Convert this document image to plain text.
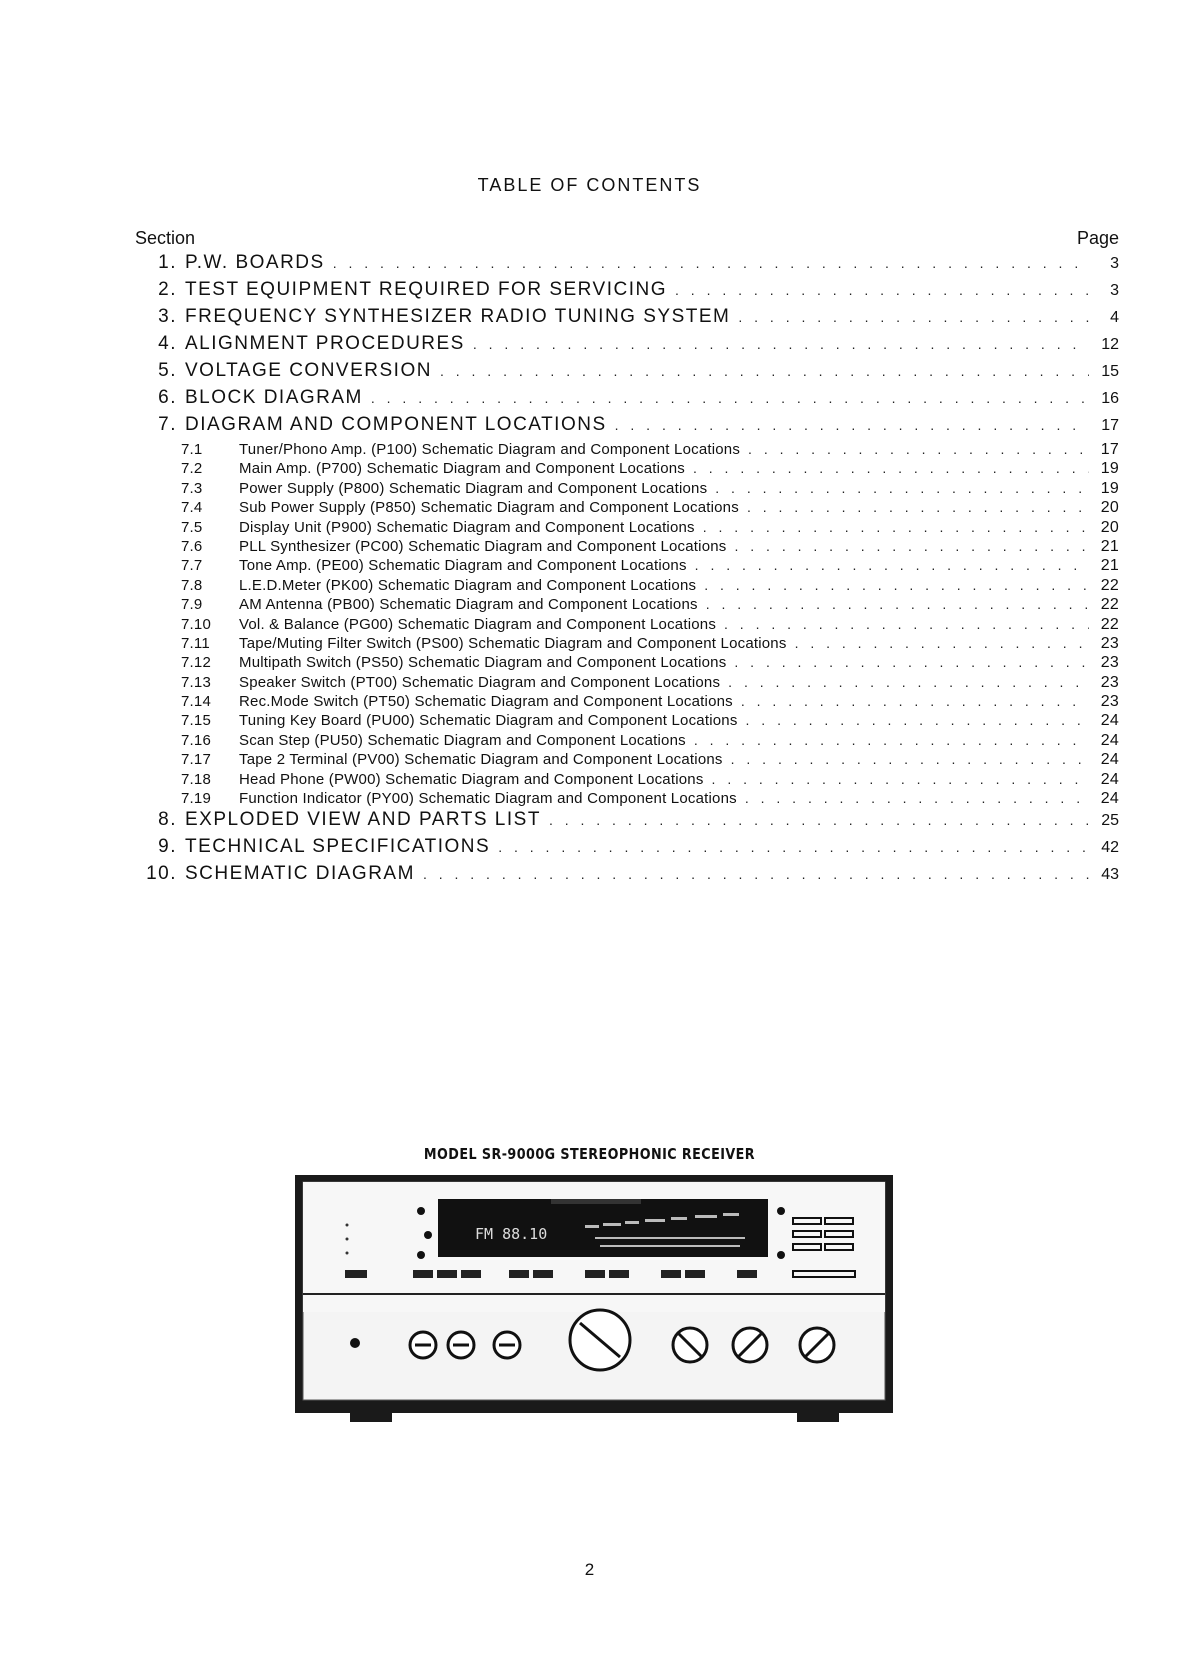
TABLE OF CONTENTS
Section	Page
1. P.W. BOARDS . . .	3
2. TEST EQUIPMENT REQUIRED FOR SERVICING . . .	3
3. FREQUENCY SYNTHESIZER RADIO TUNING SYSTEM . . .	4
4. ALIGNMENT PROCEDURES . . .	12
5. VOLTAGE CONVERSION . . .	15
6. BLOCK DIAGRAM . . .	16
7. DIAGRAM AND COMPONENT LOCATIONS . . .	17
7.1	Tuner/Phono Amp. (P100) Schematic Diagram and Component Locations . . .	17
7.2	Main Amp. (P700) Schematic Diagram and Component Locations . . .	19
7.3	Power Supply (P800) Schematic Diagram and Component Locations . . .	19
7.4	Sub Power Supply (P850) Schematic Diagram and Component Locations . . .	20
7.5	Display Unit (P900) Schematic Diagram and Component Locations . . .	20
7.6	PLL Synthesizer (PC00) Schematic Diagram and Component Locations . . .	21
7.7	Tone Amp. (PE00) Schematic Diagram and Component Locations . . .	21
7.8	L.E.D.Meter (PK00) Schematic Diagram and Component Locations . . .	22
7.9	AM Antenna (PB00) Schematic Diagram and Component Locations . . .	22
7.10	Vol. & Balance (PG00) Schematic Diagram and Component Locations . . .	22
7.11	Tape/Muting Filter Switch (PS00) Schematic Diagram and Component Locations . . .	23
7.12	Multipath Switch (PS50) Schematic Diagram and Component Locations . . .	23
7.13	Speaker Switch (PT00) Schematic Diagram and Component Locations . . .	23
7.14	Rec.Mode Switch (PT50) Schematic Diagram and Component Locations . . .	23
7.15	Tuning Key Board (PU00) Schematic Diagram and Component Locations . . .	24
7.16	Scan Step (PU50) Schematic Diagram and Component Locations . . .	24
7.17	Tape 2 Terminal (PV00) Schematic Diagram and Component Locations . . .	24
7.18	Head Phone (PW00) Schematic Diagram and Component Locations . . .	24
7.19	Function Indicator (PY00) Schematic Diagram and Component Locations . . .	24
8. EXPLODED VIEW AND PARTS LIST . . .	25
9. TECHNICAL SPECIFICATIONS . . .	42
10. SCHEMATIC DIAGRAM . . .	43
MODEL SR-9000G STEREOPHONIC RECEIVER
FM 88.10
2
